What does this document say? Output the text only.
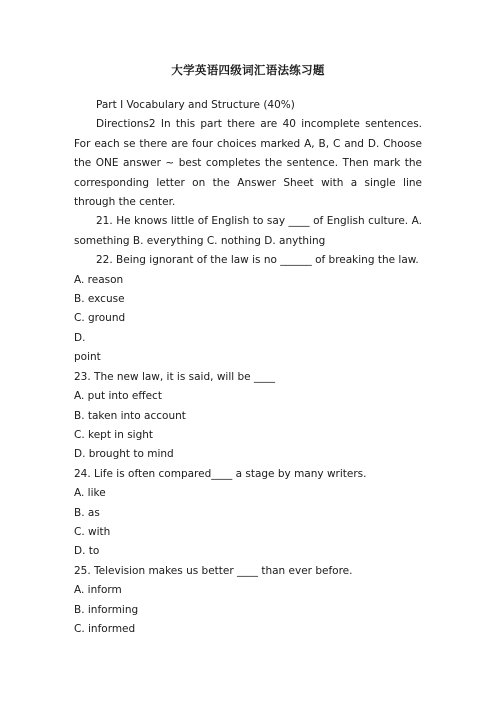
大学英语四级词汇语法练习题

Part I Vocabulary and Structure (40%)

Directions2 In this part there are 40 incomplete sentences. For each se there are four choices marked A, B, C and D. Choose the ONE answer ~ best completes the sentence. Then mark the corresponding letter on the Answer Sheet with a single line through the center.

21. He knows little of English to say ____ of English culture. A. something B. everything C. nothing D. anything

22. Being ignorant of the law is no ______ of breaking the law.

A. reason

B. excuse

C. ground

D.

point

23. The new law, it is said, will be ____

A. put into effect

B. taken into account

C. kept in sight

D. brought to mind

24. Life is often compared____ a stage by many writers.

A. like

B. as

C. with

D. to

25. Television makes us better ____ than ever before.

A. inform

B. informing

C. informed
